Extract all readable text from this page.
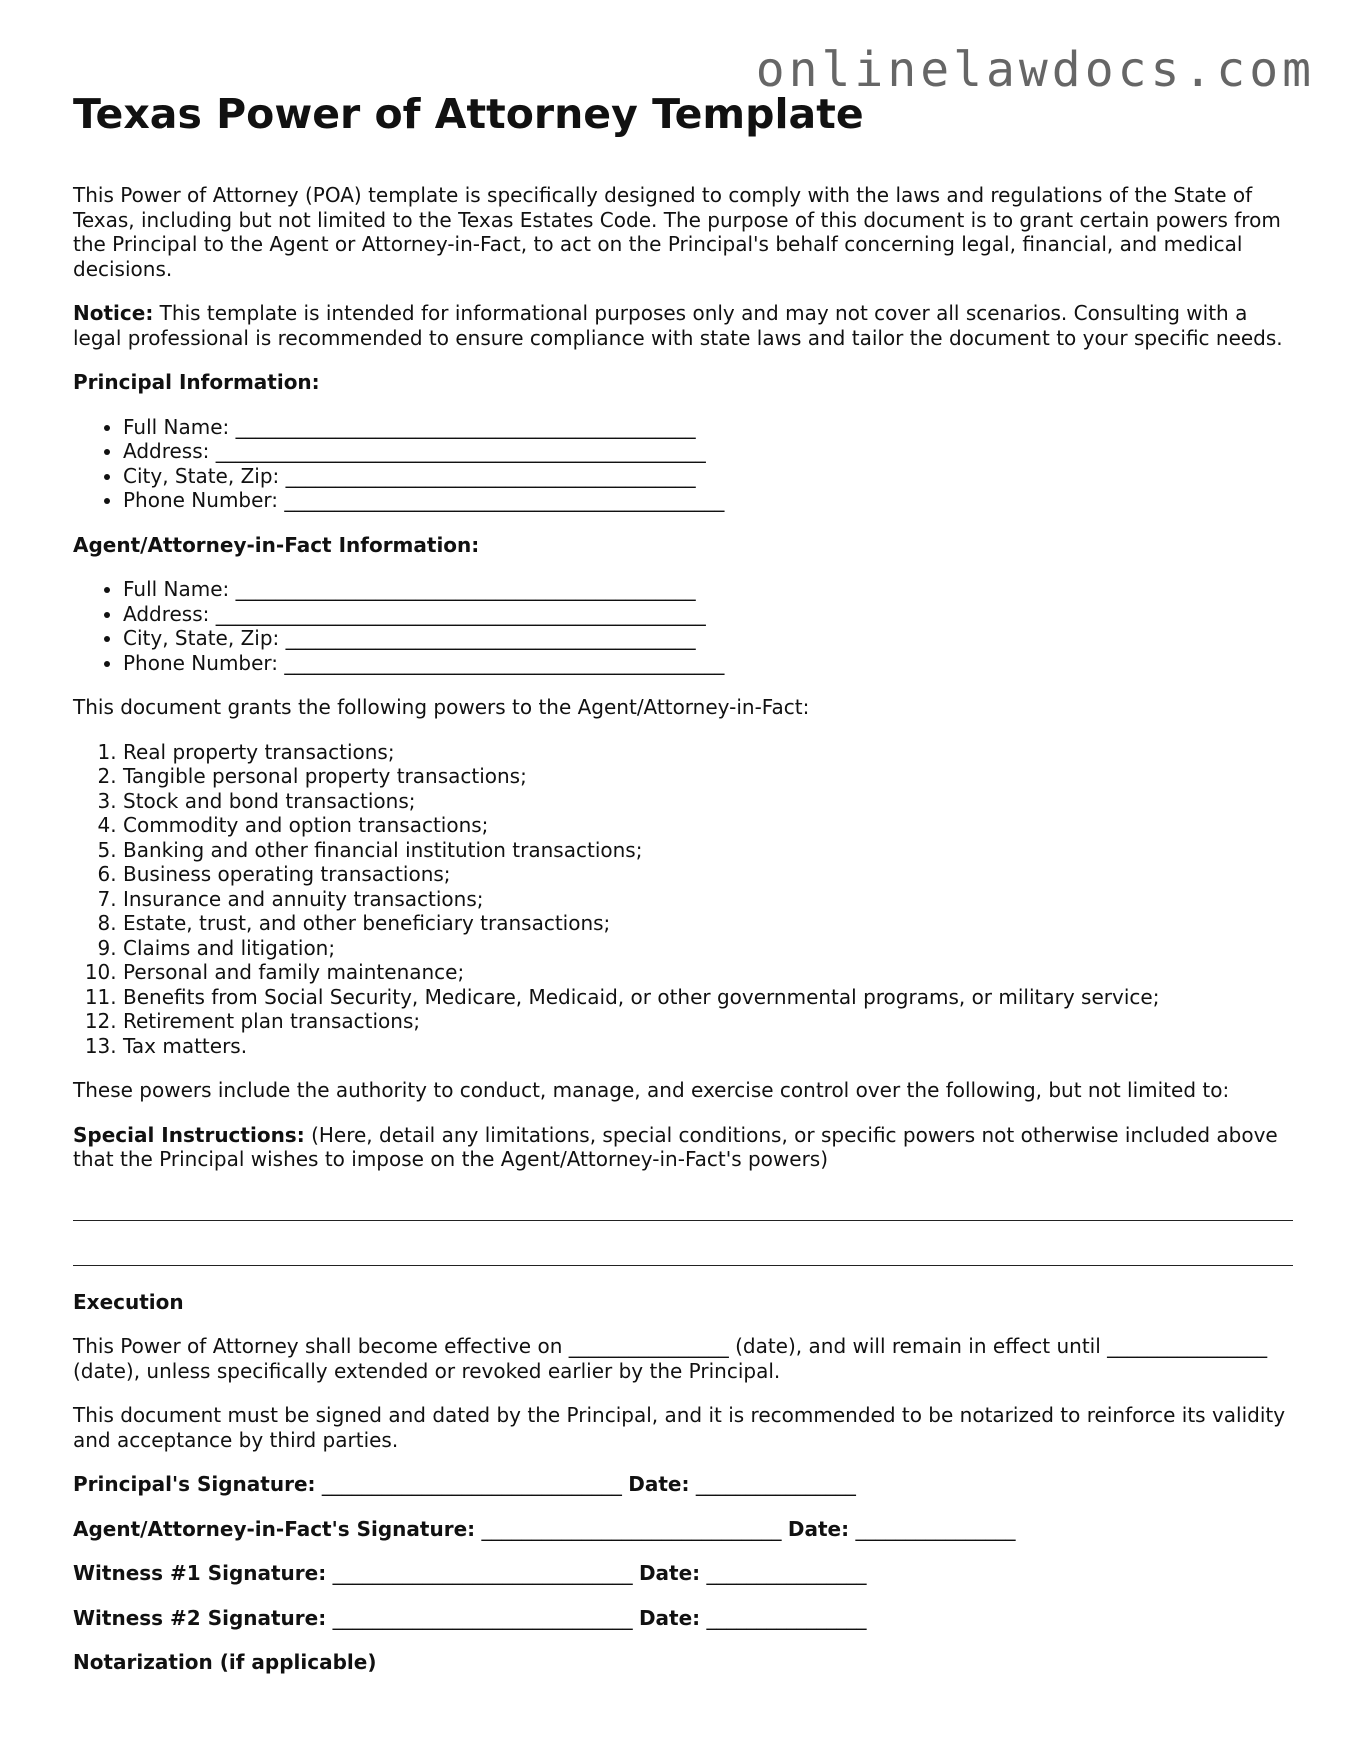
onlinelawdocs.com
Texas Power of Attorney Template

This Power of Attorney (POA) template is specifically designed to comply with the laws and regulations of the State of Texas, including but not limited to the Texas Estates Code. The purpose of this document is to grant certain powers from the Principal to the Agent or Attorney-in-Fact, to act on the Principal's behalf concerning legal, financial, and medical decisions.

Notice: This template is intended for informational purposes only and may not cover all scenarios. Consulting with a legal professional is recommended to ensure compliance with state laws and tailor the document to your specific needs.

Principal Information:
• Full Name: ______________________________________________
• Address: _________________________________________________
• City, State, Zip: _________________________________________
• Phone Number: ____________________________________________
Agent/Attorney-in-Fact Information:
• Full Name: ______________________________________________
• Address: _________________________________________________
• City, State, Zip: _________________________________________
• Phone Number: ____________________________________________

This document grants the following powers to the Agent/Attorney-in-Fact:

1. Real property transactions;
2. Tangible personal property transactions;
3. Stock and bond transactions;
4. Commodity and option transactions;
5. Banking and other financial institution transactions;
6. Business operating transactions;
7. Insurance and annuity transactions;
8. Estate, trust, and other beneficiary transactions;
9. Claims and litigation;
10. Personal and family maintenance;
11. Benefits from Social Security, Medicare, Medicaid, or other governmental programs, or military service;
12. Retirement plan transactions;
13. Tax matters.

These powers include the authority to conduct, manage, and exercise control over the following, but not limited to:

Special Instructions: (Here, detail any limitations, special conditions, or specific powers not otherwise included above that the Principal wishes to impose on the Agent/Attorney-in-Fact's powers)

Execution

This Power of Attorney shall become effective on ________________ (date), and will remain in effect until ________________ (date), unless specifically extended or revoked earlier by the Principal.

This document must be signed and dated by the Principal, and it is recommended to be notarized to reinforce its validity and acceptance by third parties.

Principal's Signature: ______________________________ Date: ________________
Agent/Attorney-in-Fact's Signature: ______________________________ Date: ________________
Witness #1 Signature: ______________________________ Date: ________________
Witness #2 Signature: ______________________________ Date: ________________
Notarization (if applicable)
